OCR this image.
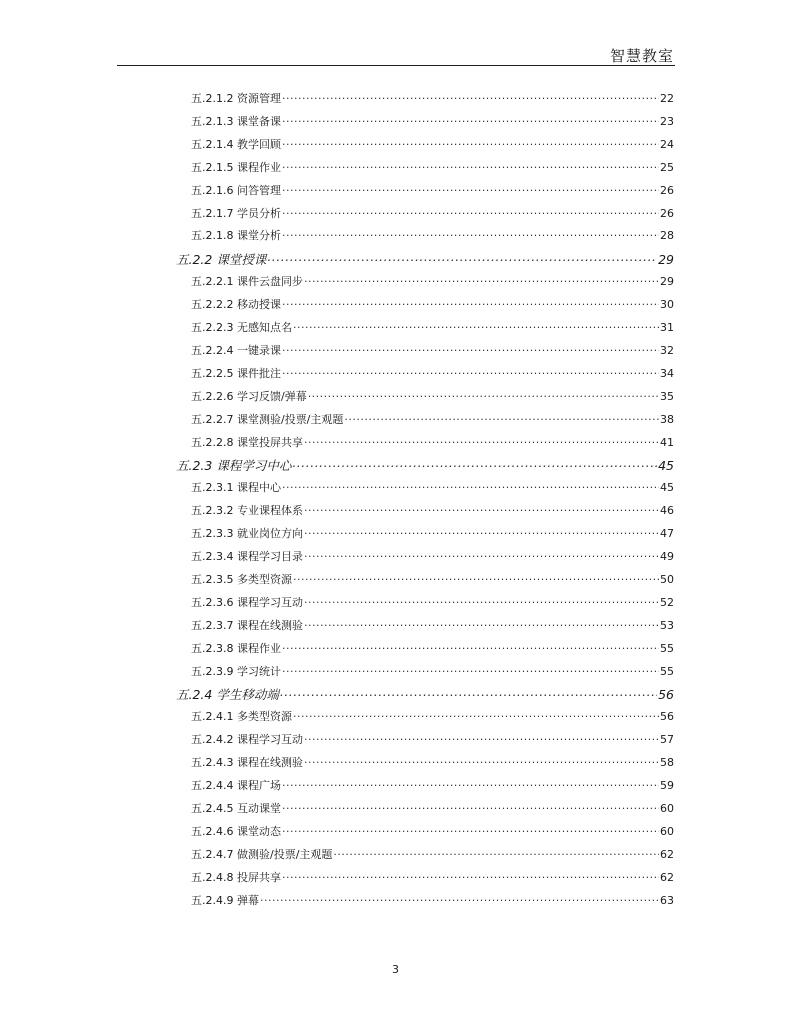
智慧教室
五.2.1.2 资源管理 .....	22
五.2.1.3 课堂备课 .....	23
五.2.1.4 教学回顾 .....	24
五.2.1.5 课程作业 .....	25
五.2.1.6 问答管理 .....	26
五.2.1.7 学员分析 .....	26
五.2.1.8 课堂分析 .....	28
五.2.2 课堂授课 .....	29
五.2.2.1 课件云盘同步 .....	29
五.2.2.2 移动授课 .....	30
五.2.2.3 无感知点名 .....	31
五.2.2.4 一键录课 .....	32
五.2.2.5 课件批注 .....	34
五.2.2.6 学习反馈/弹幕 .....	35
五.2.2.7 课堂测验/投票/主观题 .....	38
五.2.2.8 课堂投屏共享 .....	41
五.2.3 课程学习中心 .....	45
五.2.3.1 课程中心 .....	45
五.2.3.2 专业课程体系 .....	46
五.2.3.3 就业岗位方向 .....	47
五.2.3.4 课程学习目录 .....	49
五.2.3.5 多类型资源 .....	50
五.2.3.6 课程学习互动 .....	52
五.2.3.7 课程在线测验 .....	53
五.2.3.8 课程作业 .....	55
五.2.3.9 学习统计 .....	55
五.2.4 学生移动端 .....	56
五.2.4.1 多类型资源 .....	56
五.2.4.2 课程学习互动 .....	57
五.2.4.3 课程在线测验 .....	58
五.2.4.4 课程广场 .....	59
五.2.4.5 互动课堂 .....	60
五.2.4.6 课堂动态 .....	60
五.2.4.7 做测验/投票/主观题 .....	62
五.2.4.8 投屏共享 .....	62
五.2.4.9 弹幕 .....	63
3
